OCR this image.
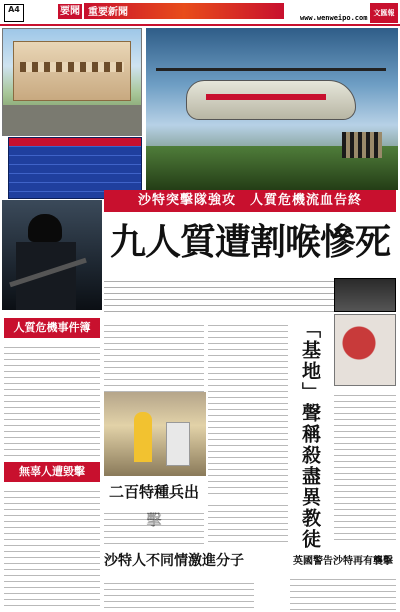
A4	要聞 重要新聞	www.wenweipo.com
文匯報
沙特突擊隊強攻　人質危機流血告終
九人質遭割喉慘死
人質危機事件簿
無辜人遭毀擊
二百特種兵出
沙特人不同情激進分子
「基地」聲稱殺盡異教徒
英國警告沙特再有襲擊
